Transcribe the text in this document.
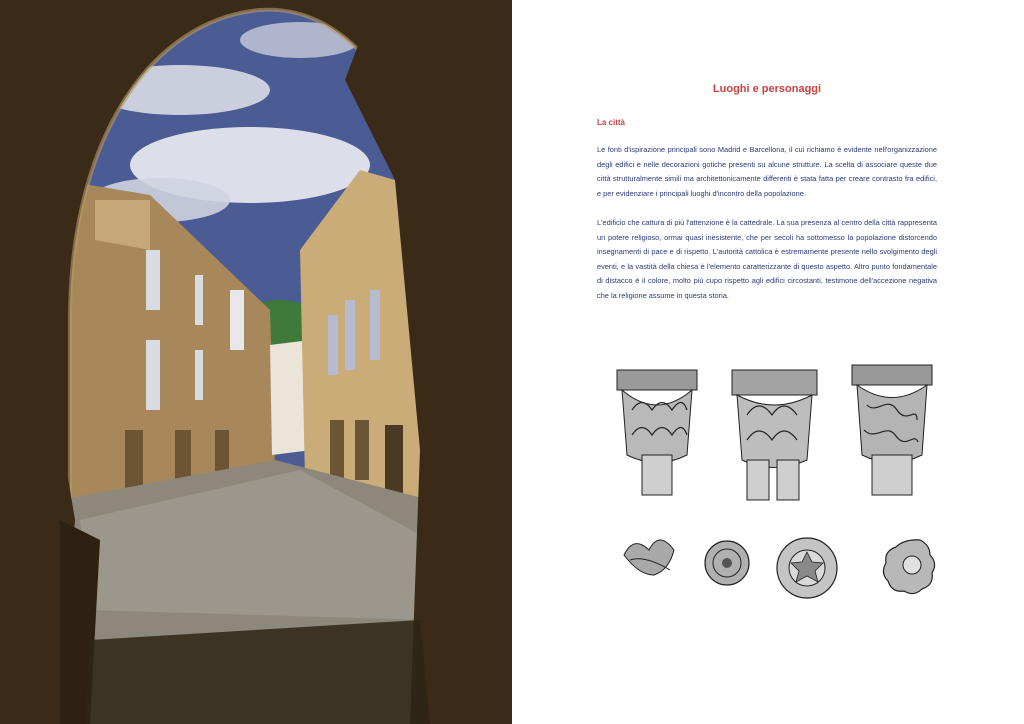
Luoghi e personaggi
La città

Le fonti d'ispirazione principali sono Madrid e Barcellona, il cui richiamo è evidente nell'organizzazione degli edifici e nelle decorazioni gotiche presenti su alcune strutture. La scelta di associare queste due città strutturalmente simili ma architettonicamente differenti è stata fatta per creare contrasto fra edifici, e per evidenziare i principali luoghi d'incontro della popolazione.

L'edificio che cattura di più l'attenzione è la cattedrale. La sua presenza al centro della città rappresenta un potere religioso, ormai quasi inesistente, che per secoli ha sottomesso la popolazione distorcendo insegnamenti di pace e di rispetto. L'autorità cattolica è estremamente presente nello svolgimento degli eventi, e la vastità della chiesa è l'elemento caratterizzante di questo aspetto. Altro punto fondamentale di distacco è il colore, molto più cupo rispetto agli edifici circostanti, testimone dell'accezione negativa che la religione assume in questa storia.
